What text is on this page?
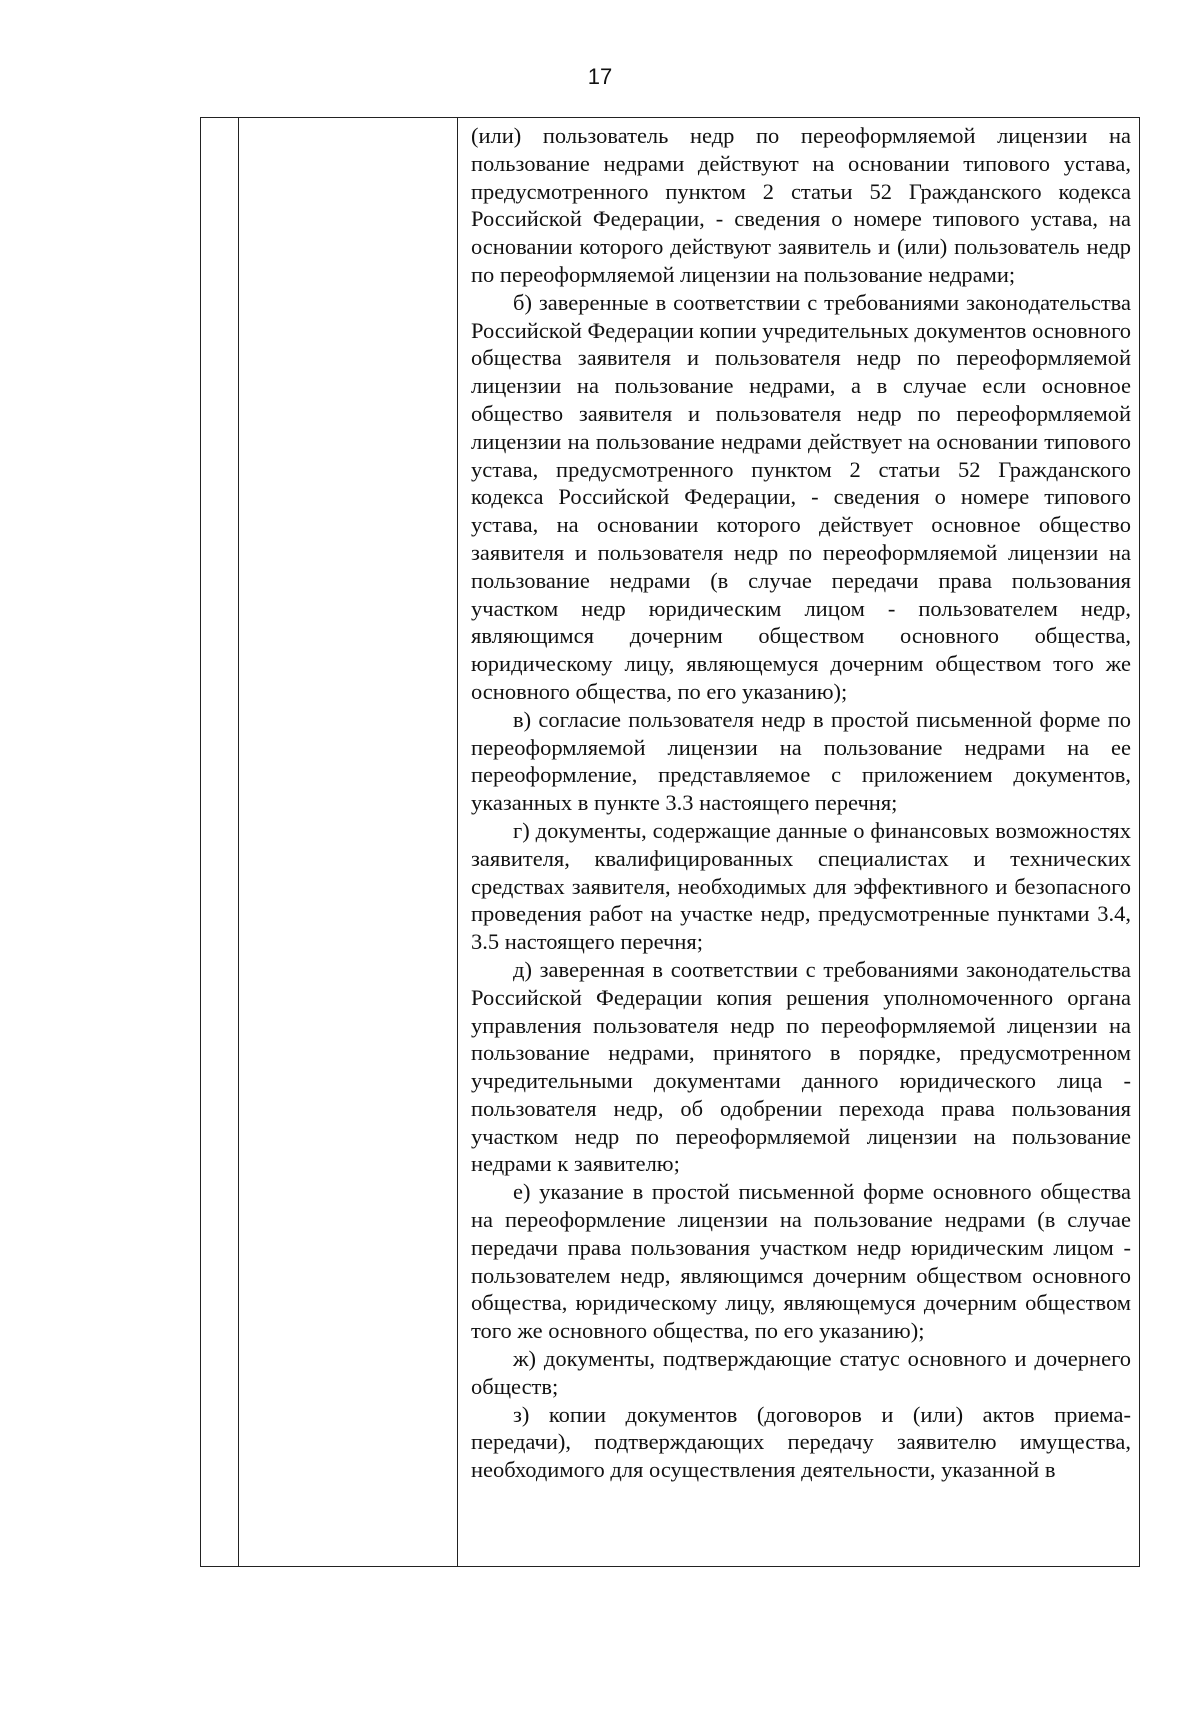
17

(или) пользователь недр по переоформляемой лицензии на пользование недрами действуют на основании типового устава, предусмотренного пунктом 2 статьи 52 Гражданского кодекса Российской Федерации, - сведения о номере типового устава, на основании которого действуют заявитель и (или) пользователь недр по переоформляемой лицензии на пользование недрами;

б) заверенные в соответствии с требованиями законодательства Российской Федерации копии учредительных документов основного общества заявителя и пользователя недр по переоформляемой лицензии на пользование недрами, а в случае если основное общество заявителя и пользователя недр по переоформляемой лицензии на пользование недрами действует на основании типового устава, предусмотренного пунктом 2 статьи 52 Гражданского кодекса Российской Федерации, - сведения о номере типового устава, на основании которого действует основное общество заявителя и пользователя недр по переоформляемой лицензии на пользование недрами (в случае передачи права пользования участком недр юридическим лицом - пользователем недр, являющимся дочерним обществом основного общества, юридическому лицу, являющемуся дочерним обществом того же основного общества, по его указанию);

в) согласие пользователя недр в простой письменной форме по переоформляемой лицензии на пользование недрами на ее переоформление, представляемое с приложением документов, указанных в пункте 3.3 настоящего перечня;

г) документы, содержащие данные о финансовых возможностях заявителя, квалифицированных специалистах и технических средствах заявителя, необходимых для эффективного и безопасного проведения работ на участке недр, предусмотренные пунктами 3.4, 3.5 настоящего перечня;

д) заверенная в соответствии с требованиями законодательства Российской Федерации копия решения уполномоченного органа управления пользователя недр по переоформляемой лицензии на пользование недрами, принятого в порядке, предусмотренном учредительными документами данного юридического лица - пользователя недр, об одобрении перехода права пользования участком недр по переоформляемой лицензии на пользование недрами к заявителю;

е) указание в простой письменной форме основного общества на переоформление лицензии на пользование недрами (в случае передачи права пользования участком недр юридическим лицом - пользователем недр, являющимся дочерним обществом основного общества, юридическому лицу, являющемуся дочерним обществом того же основного общества, по его указанию);

ж) документы, подтверждающие статус основного и дочернего обществ;

з) копии документов (договоров и (или) актов приема-передачи), подтверждающих передачу заявителю имущества, необходимого для осуществления деятельности, указанной в
